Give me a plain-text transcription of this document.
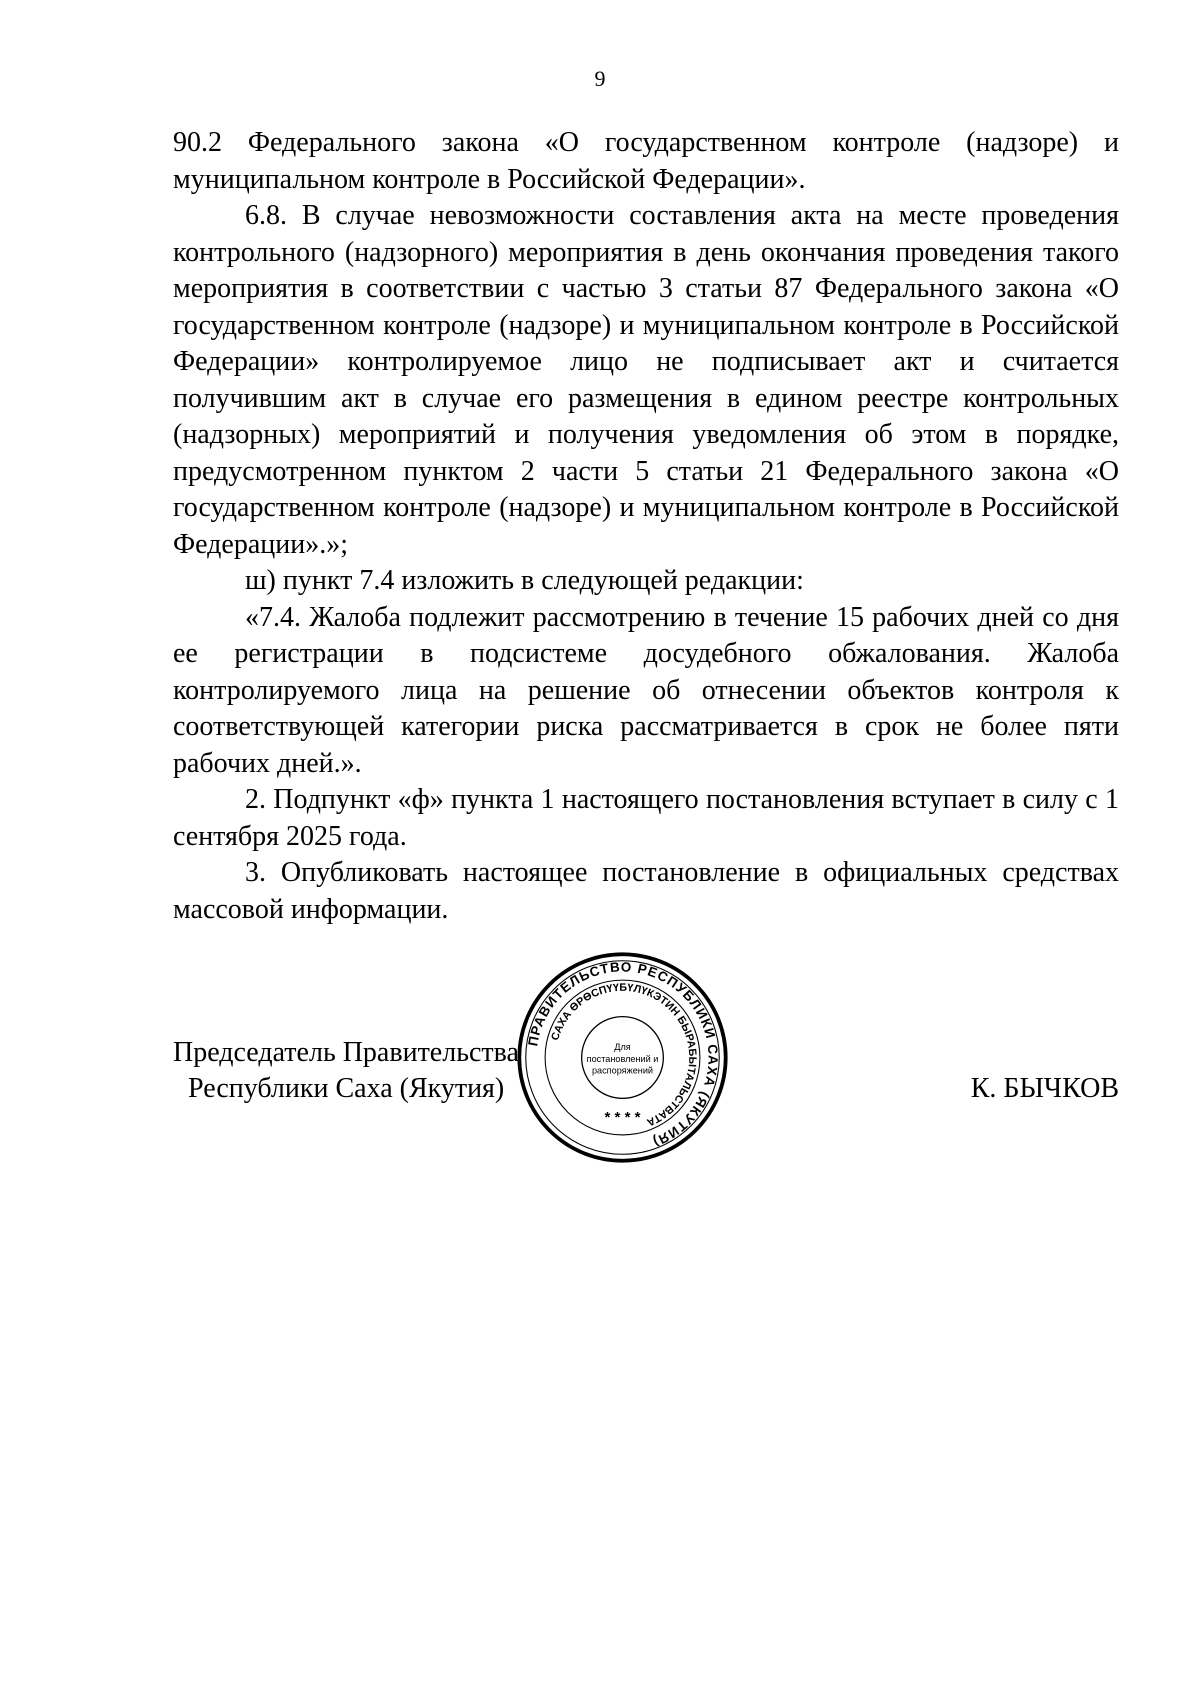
9

90.2 Федерального закона «О государственном контроле (надзоре) и муниципальном контроле в Российской Федерации».

6.8. В случае невозможности составления акта на месте проведения контрольного (надзорного) мероприятия в день окончания проведения такого мероприятия в соответствии с частью 3 статьи 87 Федерального закона «О государственном контроле (надзоре) и муниципальном контроле в Российской Федерации» контролируемое лицо не подписывает акт и считается получившим акт в случае его размещения в едином реестре контрольных (надзорных) мероприятий и получения уведомления об этом в порядке, предусмотренном пунктом 2 части 5 статьи 21 Федерального закона «О государственном контроле (надзоре) и муниципальном контроле в Российской Федерации».»;

ш) пункт 7.4 изложить в следующей редакции:

«7.4. Жалоба подлежит рассмотрению в течение 15 рабочих дней со дня ее регистрации в подсистеме досудебного обжалования. Жалоба контролируемого лица на решение об отнесении объектов контроля к соответствующей категории риска рассматривается в срок не более пяти рабочих дней.».

2. Подпункт «ф» пункта 1 настоящего постановления вступает в силу с 1 сентября 2025 года.

3. Опубликовать настоящее постановление в официальных средствах массовой информации.

Председатель Правительства
Республики Саха (Якутия)	К. БЫЧКОВ
ПРАВИТЕЛЬСТВО РЕСПУБЛИКИ САХА (ЯКУТИЯ)
САХА ӨРӨСПҮҮБҮЛҮКЭТИН БЫРАБЫТАЛЬСТВАТА
Для
постановлений и
распоряжений
* * * *
